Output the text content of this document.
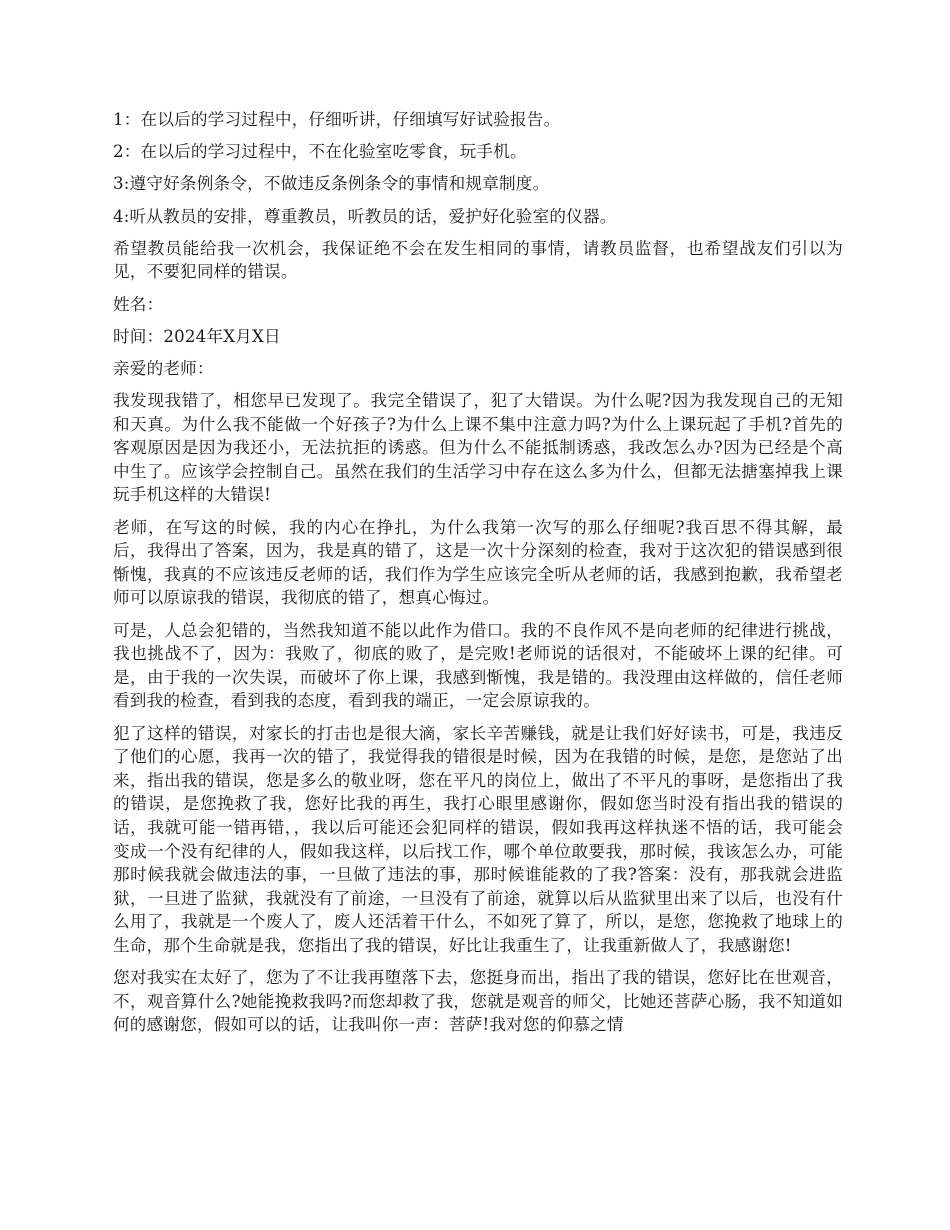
1：在以后的学习过程中，仔细听讲，仔细填写好试验报告。

2：在以后的学习过程中，不在化验室吃零食，玩手机。

3:遵守好条例条令，不做违反条例条令的事情和规章制度。

4:听从教员的安排，尊重教员，听教员的话，爱护好化验室的仪器。

希望教员能给我一次机会，我保证绝不会在发生相同的事情，请教员监督，也希望战友们引以为见，不要犯同样的错误。

姓名：

时间：2024年X月X日

亲爱的老师：

我发现我错了，相您早已发现了。我完全错误了，犯了大错误。为什么呢?因为我发现自己的无知和天真。为什么我不能做一个好孩子?为什么上课不集中注意力吗?为什么上课玩起了手机?首先的客观原因是因为我还小，无法抗拒的诱惑。但为什么不能抵制诱惑，我改怎么办?因为已经是个高中生了。应该学会控制自己。虽然在我们的生活学习中存在这么多为什么，但都无法搪塞掉我上课玩手机这样的大错误!

老师，在写这的时候，我的内心在挣扎，为什么我第一次写的那么仔细呢?我百思不得其解，最后，我得出了答案，因为，我是真的错了，这是一次十分深刻的检查，我对于这次犯的错误感到很惭愧，我真的不应该违反老师的话，我们作为学生应该完全听从老师的话，我感到抱歉，我希望老师可以原谅我的错误，我彻底的错了，想真心悔过。

可是，人总会犯错的，当然我知道不能以此作为借口。我的不良作风不是向老师的纪律进行挑战，我也挑战不了，因为：我败了，彻底的败了，是完败!老师说的话很对，不能破坏上课的纪律。可是，由于我的一次失误，而破坏了你上课，我感到惭愧，我是错的。我没理由这样做的，信任老师看到我的检查，看到我的态度，看到我的端正，一定会原谅我的。

犯了这样的错误，对家长的打击也是很大滴，家长辛苦赚钱，就是让我们好好读书，可是，我违反了他们的心愿，我再一次的错了，我觉得我的错很是时候，因为在我错的时候，是您，是您站了出来，指出我的错误，您是多么的敬业呀，您在平凡的岗位上，做出了不平凡的事呀，是您指出了我的错误，是您挽救了我，您好比我的再生，我打心眼里感谢你，假如您当时没有指出我的错误的话，我就可能一错再错，，我以后可能还会犯同样的错误，假如我再这样执迷不悟的话，我可能会变成一个没有纪律的人，假如我这样，以后找工作，哪个单位敢要我，那时候，我该怎么办，可能那时候我就会做违法的事，一旦做了违法的事，那时候谁能救的了我?答案：没有，那我就会进监狱，一旦进了监狱，我就没有了前途，一旦没有了前途，就算以后从监狱里出来了以后，也没有什么用了，我就是一个废人了，废人还活着干什么，不如死了算了，所以，是您，您挽救了地球上的生命，那个生命就是我，您指出了我的错误，好比让我重生了，让我重新做人了，我感谢您!

您对我实在太好了，您为了不让我再堕落下去，您挺身而出，指出了我的错误，您好比在世观音，不，观音算什么?她能挽救我吗?而您却救了我，您就是观音的师父，比她还菩萨心肠，我不知道如何的感谢您，假如可以的话，让我叫你一声：菩萨!我对您的仰慕之情
